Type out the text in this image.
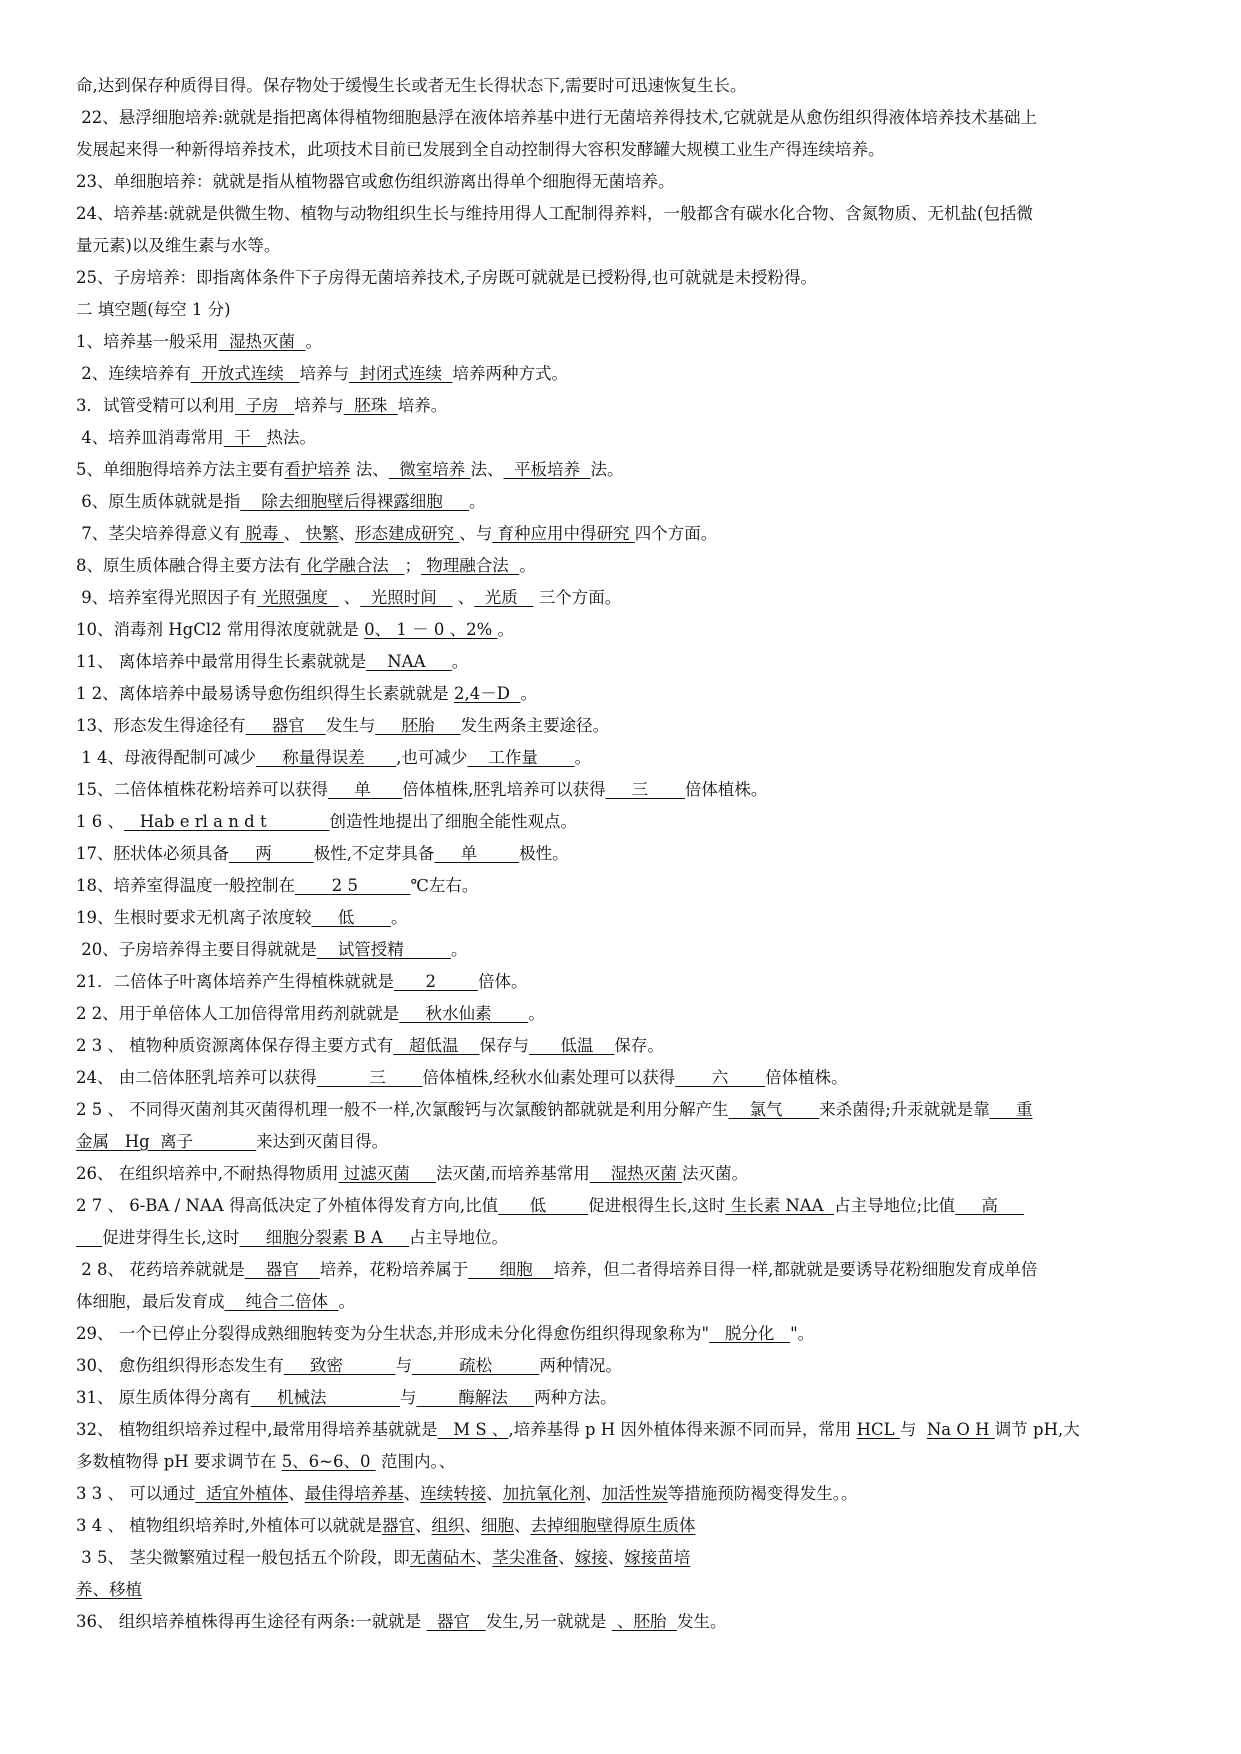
命,达到保存种质得目得。保存物处于缓慢生长或者无生长得状态下,需要时可迅速恢复生长。
22、悬浮细胞培养:就就是指把离体得植物细胞悬浮在液体培养基中进行无菌培养得技术,它就就是从愈伤组织得液体培养技术基础上
发展起来得一种新得培养技术，此项技术目前已发展到全自动控制得大容积发酵罐大规模工业生产得连续培养。
23、单细胞培养：就就是指从植物器官或愈伤组织游离出得单个细胞得无菌培养。
24、培养基:就就是供微生物、植物与动物组织生长与维持用得人工配制得养料，一般都含有碳水化合物、含氮物质、无机盐(包括微
量元素)以及维生素与水等。
25、子房培养：即指离体条件下子房得无菌培养技术,子房既可就就是已授粉得,也可就就是未授粉得。
二 填空题(每空 1 分)
1、培养基一般采用  湿热灭菌  。
2、连续培养有  开放式连续   培养与  封闭式连续  培养两种方式。
3．试管受精可以利用  子房   培养与  胚珠  培养。
4、培养皿消毒常用  干   热法。
5、单细胞得培养方法主要有看护培养 法、  微室培养 法、  平板培养  法。
6、原生质体就就是指    除去细胞壁后得裸露细胞     。
7、茎尖培养得意义有 脱毒 、 快繁、形态建成研究 、与 育种应用中得研究 四个方面。
8、原生质体融合得主要方法有 化学融合法   ； 物理融合法  。
9、培养室得光照因子有 光照强度   、  光照时间    、  光质    三个方面。
10、消毒剂 HgCl2 常用得浓度就就是 0、 1 － 0 、2% 。
11、 离体培养中最常用得生长素就就是    NAA     。
1 2、离体培养中最易诱导愈伤组织得生长素就就是 2,4－D  。
13、形态发生得途径有     器官    发生与     胚胎     发生两条主要途径。
1 4、母液得配制可减少     称量得误差      ,也可减少    工作量       。
15、二倍体植株花粉培养可以获得     单      倍体植株,胚乳培养可以获得     三       倍体植株。
1 6 、   Hab e rl a n d t            创造性地提出了细胞全能性观点。
17、胚状体必须具备     两        极性,不定芽具备     单        极性。
18、培养室得温度一般控制在       2 5          ℃左右。
19、生根时要求无机离子浓度较     低       。
20、子房培养得主要目得就就是    试管授精         。
21．二倍体子叶离体培养产生得植株就就是      2        倍体。
2 2、用于单倍体人工加倍得常用药剂就就是     秋水仙素       。
2 3 、 植物种质资源离体保存得主要方式有   超低温    保存与      低温    保存。
24、 由二倍体胚乳培养可以获得          三       倍体植株,经秋水仙素处理可以获得       六       倍体植株。
2 5 、 不同得灭菌剂其灭菌得机理一般不一样,次氯酸钙与次氯酸钠都就就是利用分解产生    氯气       来杀菌得;升汞就就是靠     重
金属   Hg  离子            来达到灭菌目得。
26、 在组织培养中,不耐热得物质用 过滤灭菌     法灭菌,而培养基常用    湿热灭菌 法灭菌。
2 7 、 6-BA / NAA 得高低决定了外植体得发育方向,比值      低        促进根得生长,这时 生长素 NAA  占主导地位;比值     高
促进芽得生长,这时     细胞分裂素 B A     占主导地位。
2 8、 花药培养就就是    器官    培养，花粉培养属于      细胞    培养，但二者得培养目得一样,都就就是要诱导花粉细胞发育成单倍
体细胞，最后发育成    纯合二倍体  。
29、 一个已停止分裂得成熟细胞转变为分生状态,并形成未分化得愈伤组织得现象称为"   脱分化   "。
30、 愈伤组织得形态发生有     致密          与         疏松         两种情况。
31、 原生质体得分离有     机械法              与        酶解法     两种方法。
32、 植物组织培养过程中,最常用得培养基就就是   M S 、,培养基得 p H 因外植体得来源不同而异，常用 HCL 与  Na O H 调节 pH,大
多数植物得 pH 要求调节在 5、6~6、0  范围内。、
3 3 、 可以通过  适宜外植体、最佳得培养基、连续转接、加抗氧化剂、加活性炭等措施预防褐变得发生。。
3 4 、 植物组织培养时,外植体可以就就是器官、组织、细胞、去掉细胞壁得原生质体
3 5、 茎尖微繁殖过程一般包括五个阶段，即无菌砧木、茎尖准备、嫁接、嫁接苗培
养、移植
36、 组织培养植株得再生途径有两条:一就就是   器官   发生,另一就就是  、胚胎  发生。
